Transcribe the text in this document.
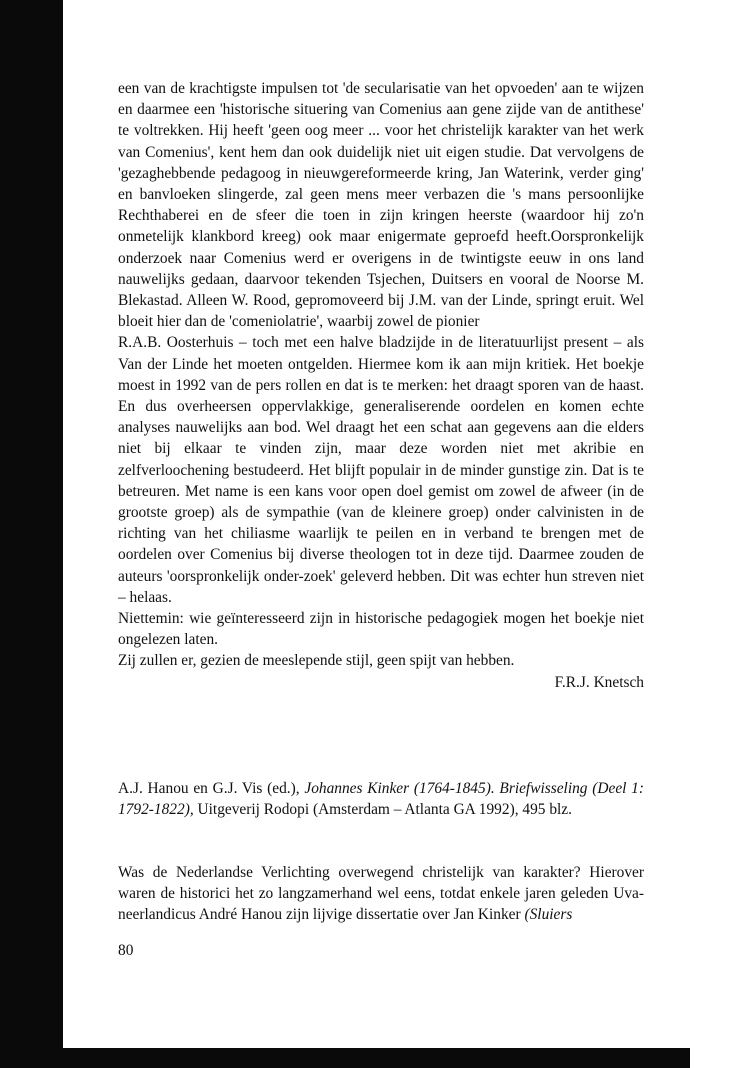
een van de krachtigste impulsen tot 'de secularisatie van het opvoeden' aan te wijzen en daarmee een 'historische situering van Comenius aan gene zijde van de antithese' te voltrekken. Hij heeft 'geen oog meer ... voor het christelijk karakter van het werk van Comenius', kent hem dan ook duidelijk niet uit eigen studie. Dat vervolgens de 'gezaghebbende pedagoog in nieuwgereformeerde kring, Jan Waterink, verder ging' en banvloeken slingerde, zal geen mens meer verbazen die 's mans persoonlijke Rechthaberei en de sfeer die toen in zijn kringen heerste (waardoor hij zo'n onmetelijk klankbord kreeg) ook maar enigermate geproefd heeft.Oorspronkelijk onderzoek naar Comenius werd er overigens in de twintigste eeuw in ons land nauwelijks gedaan, daarvoor tekenden Tsjechen, Duitsers en vooral de Noorse M. Blekastad. Alleen W. Rood, gepromoveerd bij J.M. van der Linde, springt eruit. Wel bloeit hier dan de 'comeniolatrie', waarbij zowel de pionier

R.A.B. Oosterhuis – toch met een halve bladzijde in de literatuurlijst present – als Van der Linde het moeten ontgelden. Hiermee kom ik aan mijn kritiek. Het boekje moest in 1992 van de pers rollen en dat is te merken: het draagt sporen van de haast. En dus overheersen oppervlakkige, generaliserende oordelen en komen echte analyses nauwelijks aan bod. Wel draagt het een schat aan gegevens aan die elders niet bij elkaar te vinden zijn, maar deze worden niet met akribie en zelfverloochening bestudeerd. Het blijft populair in de minder gunstige zin. Dat is te betreuren. Met name is een kans voor open doel gemist om zowel de afweer (in de grootste groep) als de sympathie (van de kleinere groep) onder calvinisten in de richting van het chiliasme waarlijk te peilen en in verband te brengen met de oordelen over Comenius bij diverse theologen tot in deze tijd. Daarmee zouden de auteurs 'oorspronkelijk onder-zoek' geleverd hebben. Dit was echter hun streven niet – helaas.

Niettemin: wie geïnteresseerd zijn in historische pedagogiek mogen het boekje niet ongelezen laten.

Zij zullen er, gezien de meeslepende stijl, geen spijt van hebben.

F.R.J. Knetsch

A.J. Hanou en G.J. Vis (ed.), Johannes Kinker (1764-1845). Briefwisseling (Deel 1: 1792-1822), Uitgeverij Rodopi (Amsterdam – Atlanta GA 1992), 495 blz.

Was de Nederlandse Verlichting overwegend christelijk van karakter? Hierover waren de historici het zo langzamerhand wel eens, totdat enkele jaren geleden Uva-neerlandicus André Hanou zijn lijvige dissertatie over Jan Kinker (Sluiers

80
